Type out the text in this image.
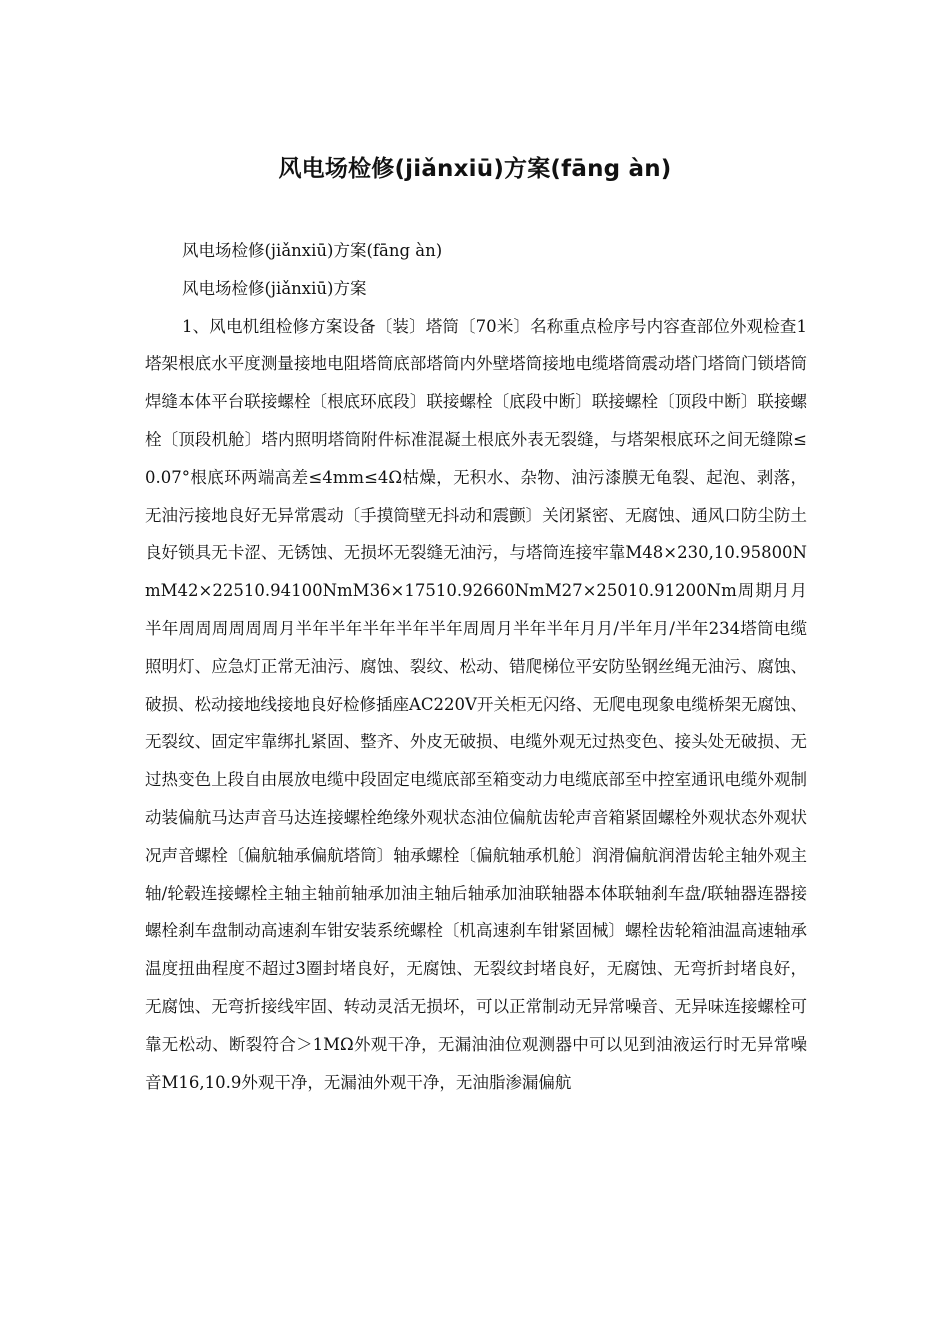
风电场检修(jiǎnxiū)方案(fāng àn)

风电场检修(jiǎnxiū)方案(fāng àn)

风电场检修(jiǎnxiū)方案

1、风电机组检修方案设备〔装〕塔筒〔70米〕名称重点检序号内容查部位外观检查1塔架根底水平度测量接地电阻塔筒底部塔筒内外壁塔筒接地电缆塔筒震动塔门塔筒门锁塔筒焊缝本体平台联接螺栓〔根底环底段〕联接螺栓〔底段中断〕联接螺栓〔顶段中断〕联接螺栓〔顶段机舱〕塔内照明塔筒附件标准混凝土根底外表无裂缝，与塔架根底环之间无缝隙≤0.07°根底环两端高差≤4mm≤4Ω枯燥，无积水、杂物、油污漆膜无龟裂、起泡、剥落，无油污接地良好无异常震动〔手摸筒壁无抖动和震颤〕关闭紧密、无腐蚀、通风口防尘防土良好锁具无卡涩、无锈蚀、无损坏无裂缝无油污，与塔筒连接牢靠M48×230,10.95800NmM42×22510.94100NmM36×17510.92660NmM27×25010.91200Nm周期月月半年周周周周周周月半年半年半年半年半年周周月半年半年月月/半年月/半年234塔筒电缆照明灯、应急灯正常无油污、腐蚀、裂纹、松动、错爬梯位平安防坠钢丝绳无油污、腐蚀、破损、松动接地线接地良好检修插座AC220V开关柜无闪络、无爬电现象电缆桥架无腐蚀、无裂纹、固定牢靠绑扎紧固、整齐、外皮无破损、电缆外观无过热变色、接头处无破损、无过热变色上段自由展放电缆中段固定电缆底部至箱变动力电缆底部至中控室通讯电缆外观制动装偏航马达声音马达连接螺栓绝缘外观状态油位偏航齿轮声音箱紧固螺栓外观状态外观状况声音螺栓〔偏航轴承偏航塔筒〕轴承螺栓〔偏航轴承机舱〕润滑偏航润滑齿轮主轴外观主轴/轮毂连接螺栓主轴主轴前轴承加油主轴后轴承加油联轴器本体联轴刹车盘/联轴器连器接螺栓刹车盘制动高速刹车钳安装系统螺栓〔机高速刹车钳紧固械〕螺栓齿轮箱油温高速轴承温度扭曲程度不超过3圈封堵良好，无腐蚀、无裂纹封堵良好，无腐蚀、无弯折封堵良好，无腐蚀、无弯折接线牢固、转动灵活无损坏，可以正常制动无异常噪音、无异味连接螺栓可靠无松动、断裂符合＞1MΩ外观干净，无漏油油位观测器中可以见到油液运行时无异常噪音M16,10.9外观干净，无漏油外观干净，无油脂渗漏偏航
